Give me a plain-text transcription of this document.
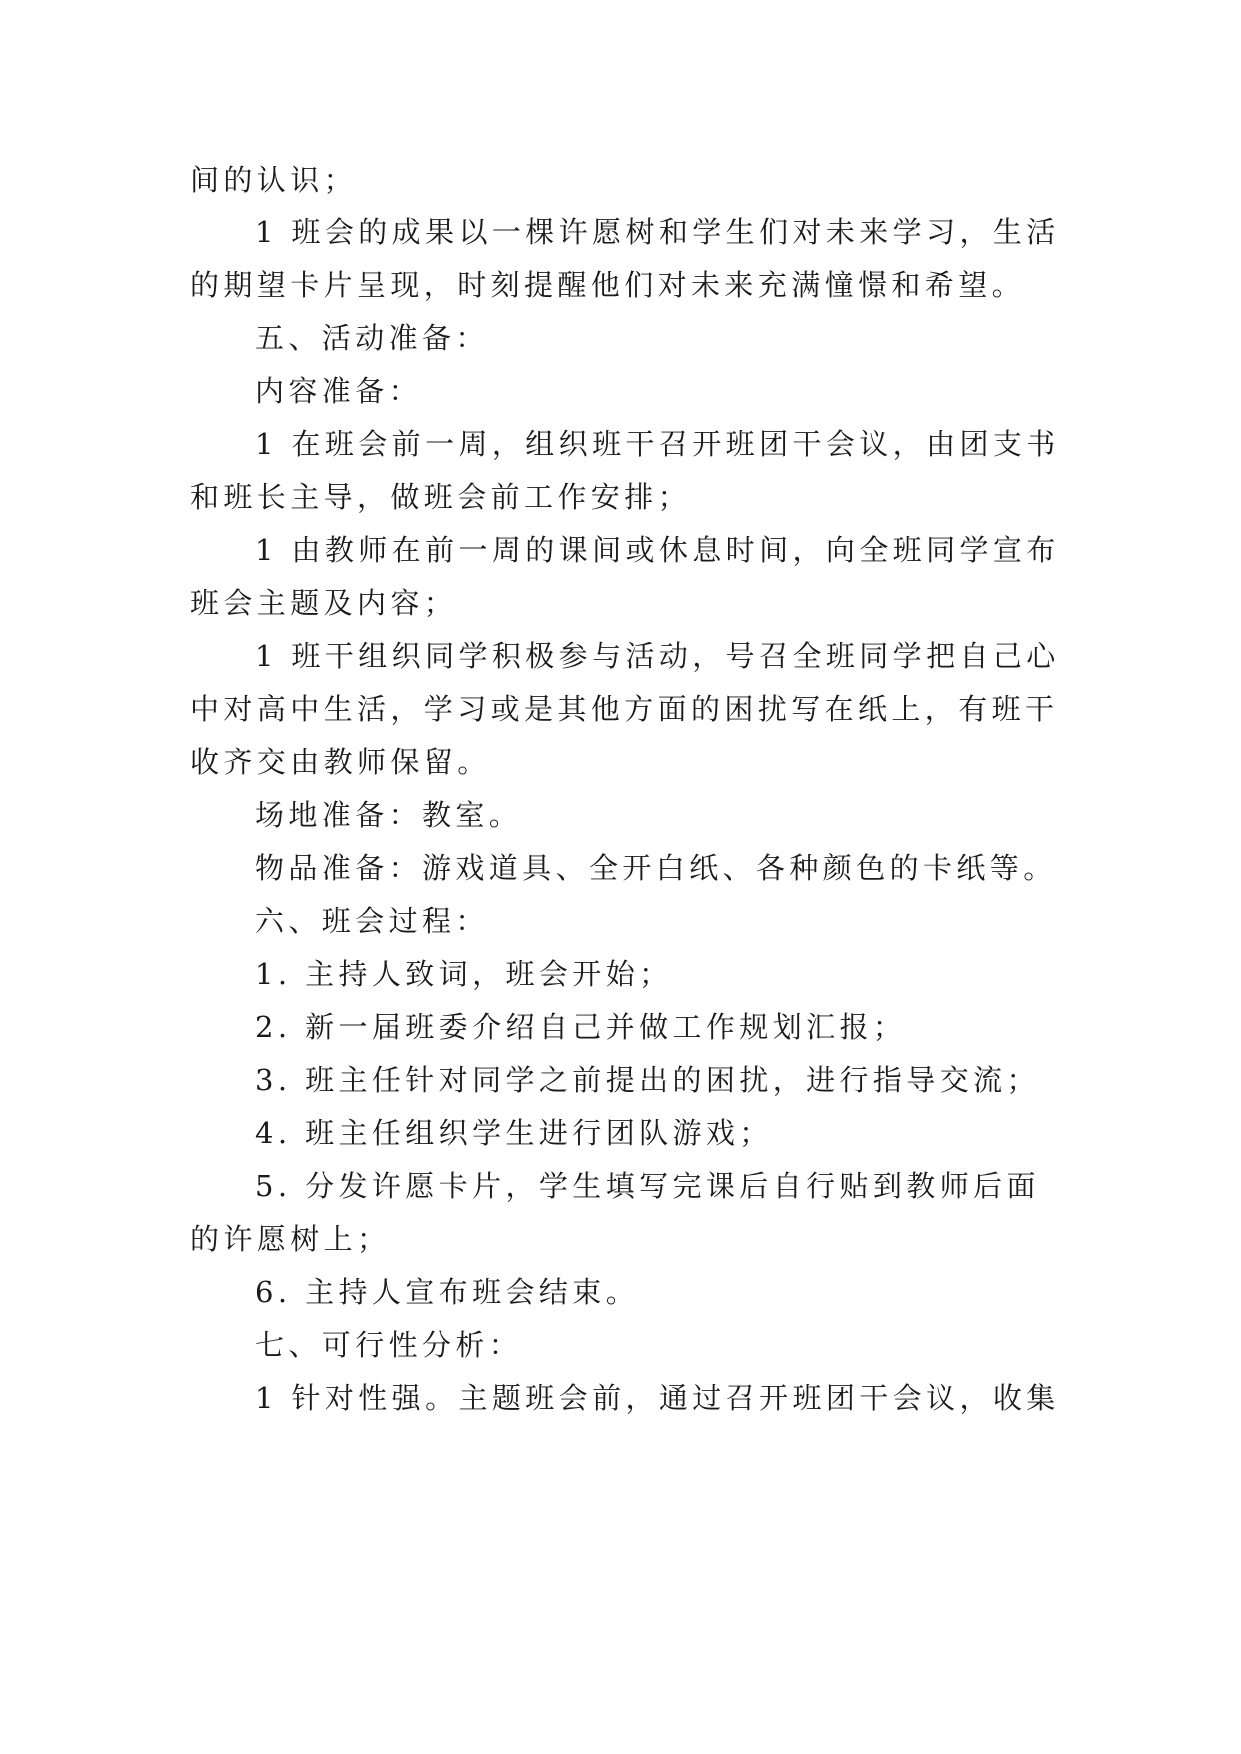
间的认识；
1 班会的成果以一棵许愿树和学生们对未来学习，生活
的期望卡片呈现，时刻提醒他们对未来充满憧憬和希望。
五、活动准备：
内容准备：
1 在班会前一周，组织班干召开班团干会议，由团支书
和班长主导，做班会前工作安排；
1 由教师在前一周的课间或休息时间，向全班同学宣布
班会主题及内容；
1 班干组织同学积极参与活动，号召全班同学把自己心
中对高中生活，学习或是其他方面的困扰写在纸上，有班干
收齐交由教师保留。
场地准备：教室。
物品准备：游戏道具、全开白纸、各种颜色的卡纸等。
六、班会过程：
1. 主持人致词，班会开始；
2. 新一届班委介绍自己并做工作规划汇报；
3. 班主任针对同学之前提出的困扰，进行指导交流；
4. 班主任组织学生进行团队游戏；
5. 分发许愿卡片，学生填写完课后自行贴到教师后面
的许愿树上；
6. 主持人宣布班会结束。
七、可行性分析：
1 针对性强。主题班会前，通过召开班团干会议，收集
